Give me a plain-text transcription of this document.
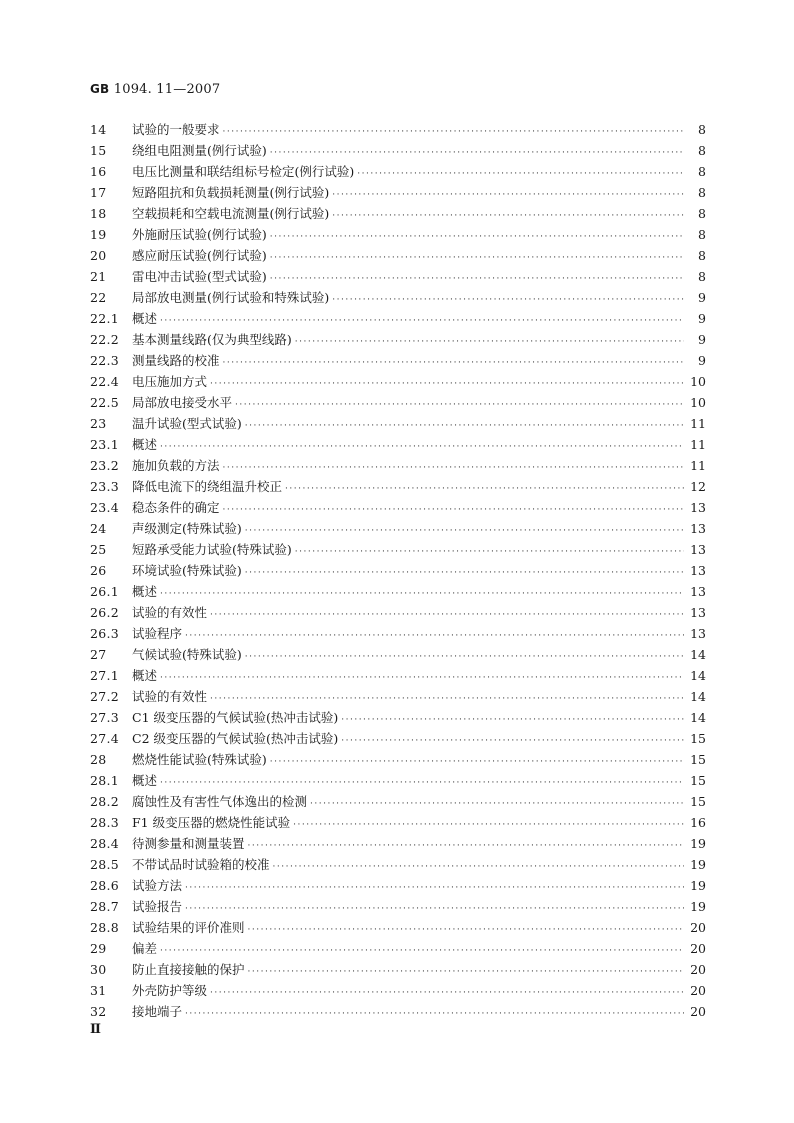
GB 1094. 11—2007
14	试验的一般要求 ·····	8
15	绕组电阻测量(例行试验) ·····	8
16	电压比测量和联结组标号检定(例行试验) ·····	8
17	短路阻抗和负载损耗测量(例行试验) ·····	8
18	空载损耗和空载电流测量(例行试验) ·····	8
19	外施耐压试验(例行试验) ·····	8
20	感应耐压试验(例行试验) ·····	8
21	雷电冲击试验(型式试验) ·····	8
22	局部放电测量(例行试验和特殊试验) ·····	9
22.1	概述 ·····	9
22.2	基本测量线路(仅为典型线路) ·····	9
22.3	测量线路的校准 ·····	9
22.4	电压施加方式 ·····	10
22.5	局部放电接受水平 ·····	10
23	温升试验(型式试验) ·····	11
23.1	概述 ·····	11
23.2	施加负载的方法 ·····	11
23.3	降低电流下的绕组温升校正 ·····	12
23.4	稳态条件的确定 ·····	13
24	声级测定(特殊试验) ·····	13
25	短路承受能力试验(特殊试验) ·····	13
26	环境试验(特殊试验) ·····	13
26.1	概述 ·····	13
26.2	试验的有效性 ·····	13
26.3	试验程序 ·····	13
27	气候试验(特殊试验) ·····	14
27.1	概述 ·····	14
27.2	试验的有效性 ·····	14
27.3	C1 级变压器的气候试验(热冲击试验) ·····	14
27.4	C2 级变压器的气候试验(热冲击试验) ·····	15
28	燃烧性能试验(特殊试验) ·····	15
28.1	概述 ·····	15
28.2	腐蚀性及有害性气体逸出的检测 ·····	15
28.3	F1 级变压器的燃烧性能试验 ·····	16
28.4	待测参量和测量装置 ·····	19
28.5	不带试品时试验箱的校准 ·····	19
28.6	试验方法 ·····	19
28.7	试验报告 ·····	19
28.8	试验结果的评价准则 ·····	20
29	偏差 ·····	20
30	防止直接接触的保护 ·····	20
31	外壳防护等级 ·····	20
32	接地端子 ·····	20
Ⅱ
